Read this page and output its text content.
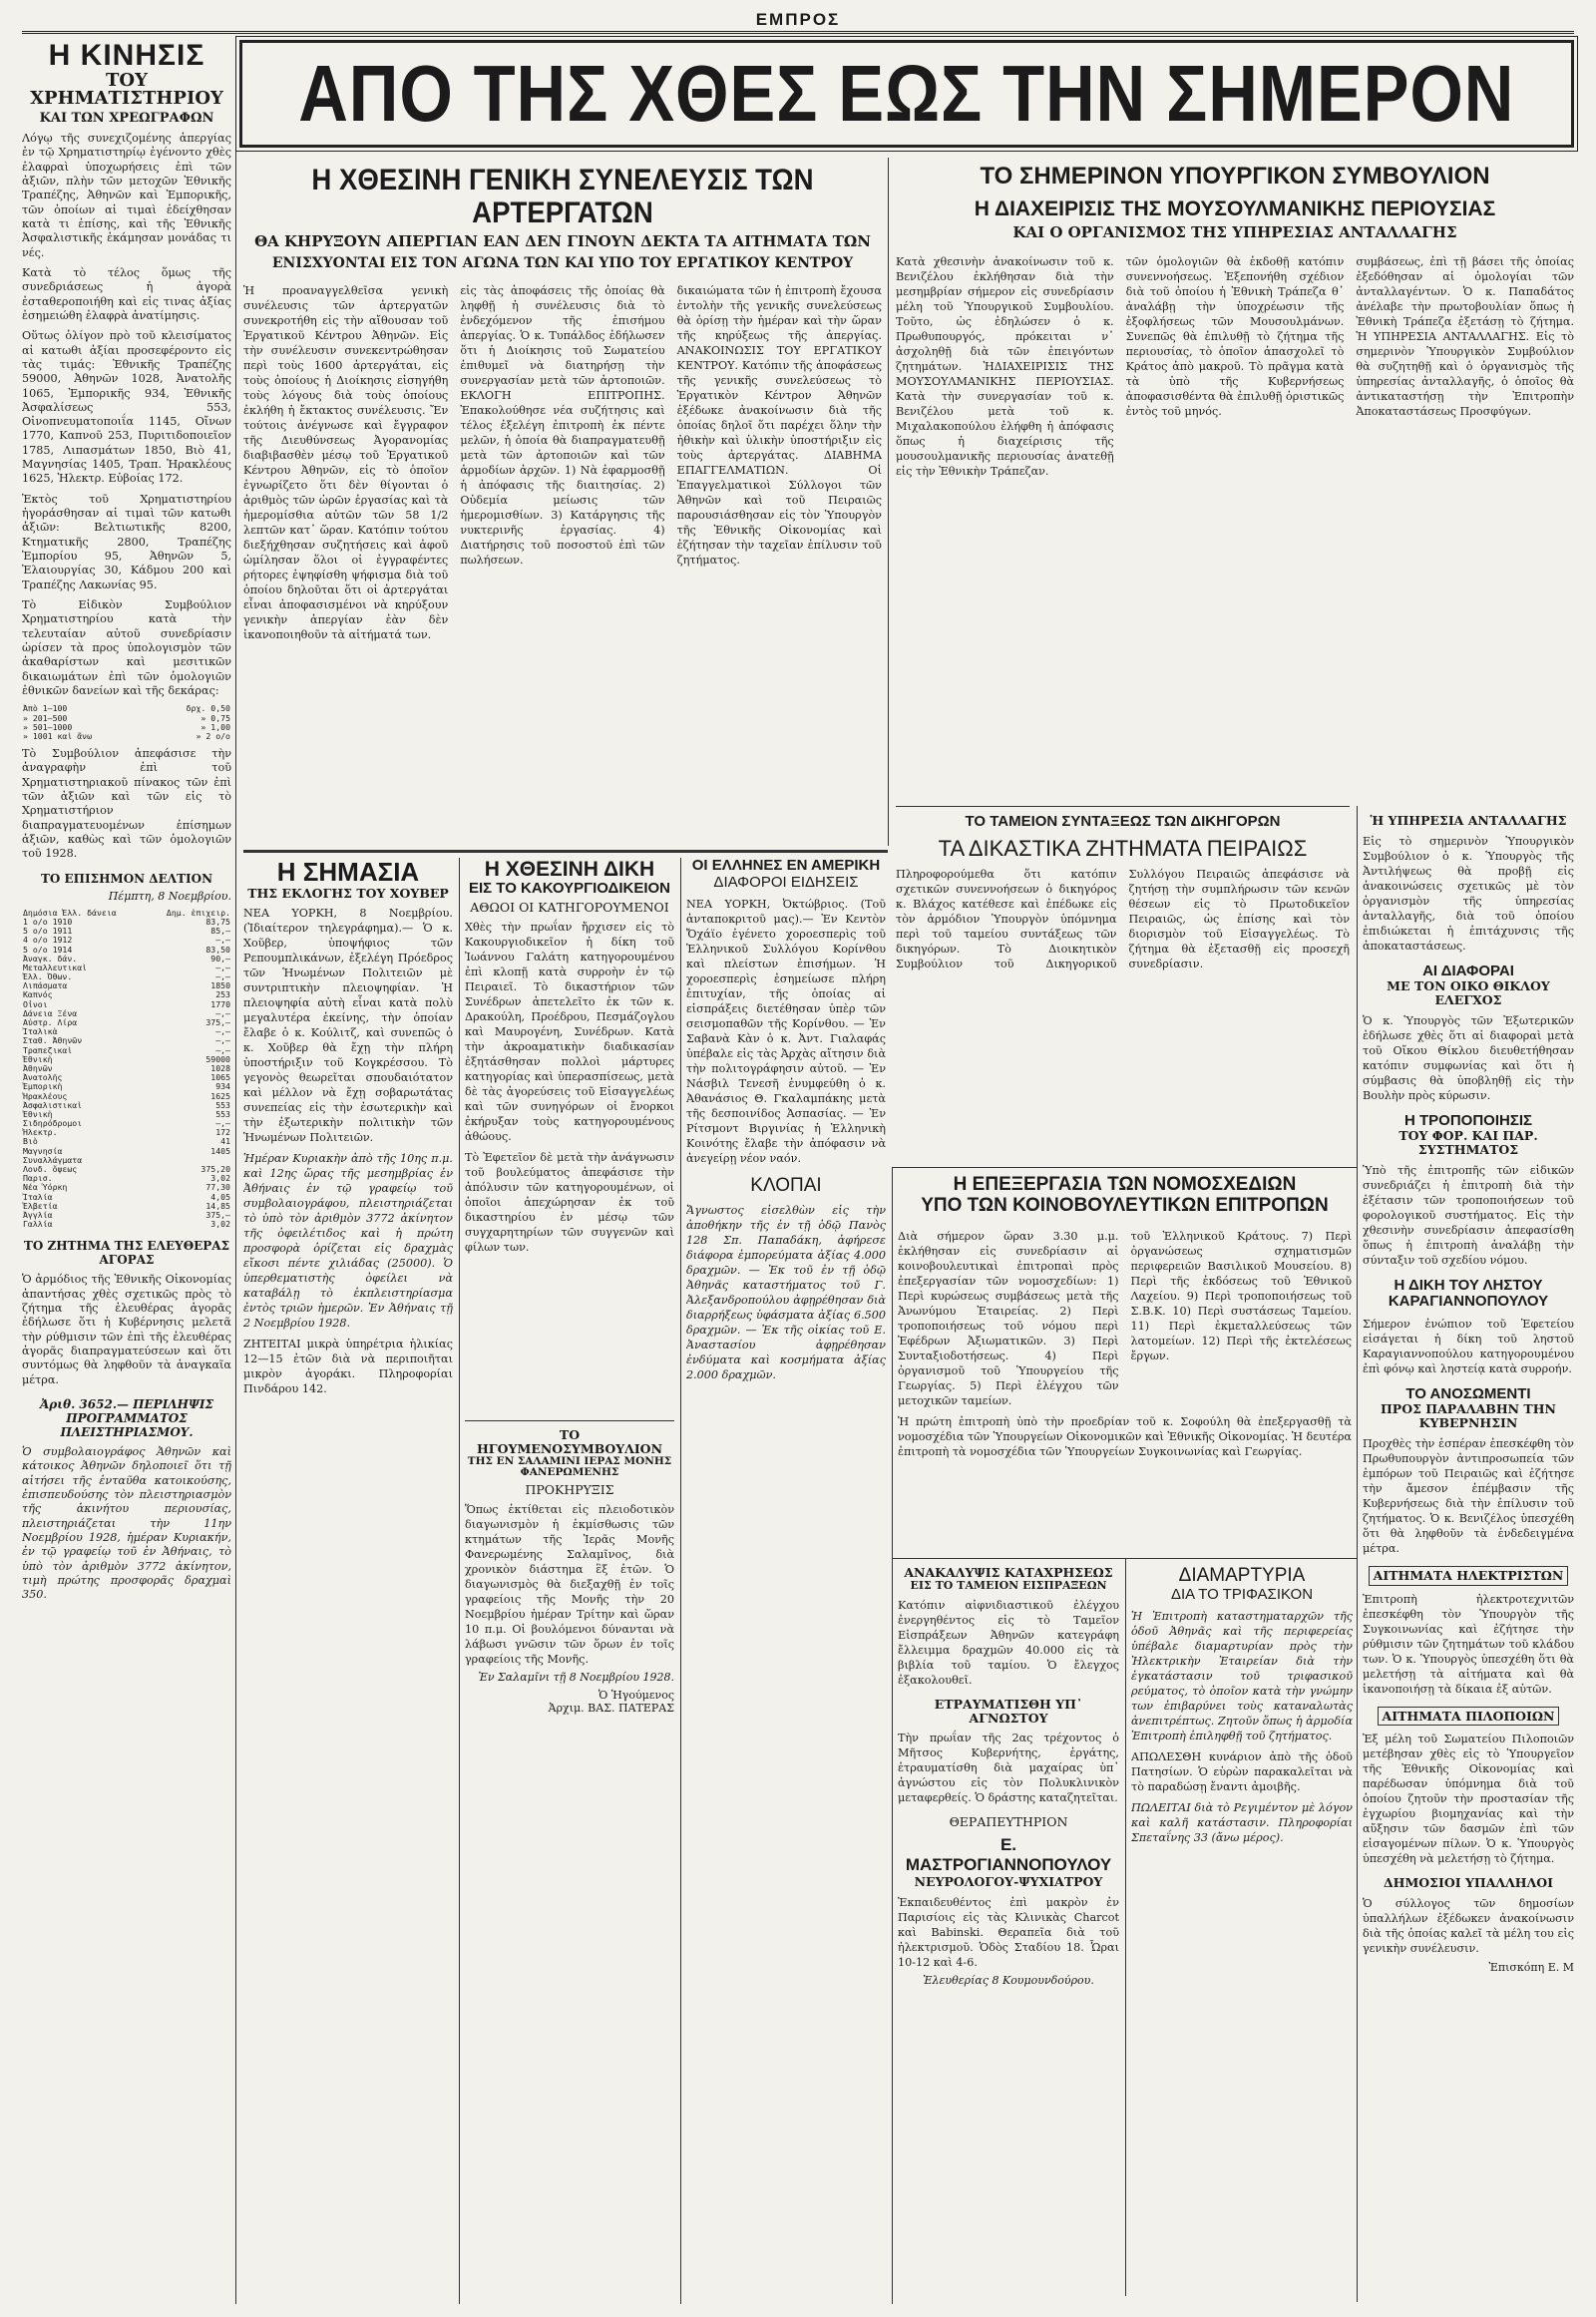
ΕΜΠΡΟΣ
Η ΚΙΝΗΣΙΣ
ΤΟΥ ΧΡΗΜΑΤΙΣΤΗΡΙΟΥ
ΚΑΙ ΤΩΝ ΧΡΕΩΓΡΑΦΩΝ

Λόγῳ τῆς συνεχιζομένης ἀπεργίας ἐν τῷ Χρηματιστηρίῳ ἐγένοντο χθὲς ἐλαφραὶ ὑποχωρήσεις ἐπὶ τῶν ἀξιῶν, πλὴν τῶν μετοχῶν Ἐθνικῆς Τραπέζης, Ἀθηνῶν καὶ Ἐμπορικῆς, τῶν ὁποίων αἱ τιμαὶ ἐδείχθησαν κατὰ τι ἐπίσης, καὶ τῆς Ἐθνικῆς Ἀσφαλιστικῆς ἐκάμησαν μονάδας τι νές.

Κατὰ τὸ τέλος ὅμως τῆς συνεδριάσεως ἡ ἀγορὰ ἐσταθεροποιήθη καὶ εἰς τινας ἀξίας ἐσημειώθη ἐλαφρὰ ἀνατίμησις.

Οὕτως ὀλίγον πρὸ τοῦ κλεισίματος αἱ κατωθι ἀξίαι προσεφέροντο εἰς τὰς τιμάς: Ἐθνικῆς Τραπέζης 59000, Ἀθηνῶν 1028, Ἀνατολῆς 1065, Ἐμπορικῆς 934, Ἐθνικῆς Ἀσφαλίσεως 553, Οἰνοπνευματοποιΐα 1145, Οἴνων 1770, Καπνοῦ 253, Πυριτιδοποιεῖον 1785, Λιπασμάτων 1850, Βιὸ 41, Μαγνησίας 1405, Τραπ. Ἡρακλέους 1625, Ἡλεκτρ. Εὐβοίας 172.

Ἐκτὸς τοῦ Χρηματιστηρίου ἠγοράσθησαν αἱ τιμαὶ τῶν κατωθι ἀξιῶν: Βελτιωτικῆς 8200, Κτηματικῆς 2800, Τραπέζης Ἐμπορίου 95, Ἀθηνῶν 5, Ἐλαιουργίας 30, Κάδμου 200 καὶ Τραπέζης Λακωνίας 95.

Τὸ Εἰδικὸν Συμβούλιον Χρηματιστηρίου κατὰ τὴν τελευταίαν αὐτοῦ συνεδρίασιν ὡρίσεν τὰ προς ὑπολογισμὸν τῶν ἀκαθαρίστων καὶ μεσιτικῶν δικαιωμάτων ἐπὶ τῶν ὁμολογιῶν ἐθνικῶν δανείων καὶ τῆς δεκάρας:

Ἀπὸ 1—100	δρχ. 0,50
» 201—500	» 0,75
» 501—1000	» 1,00
» 1001 καὶ ἄνω	» 2 ο/ο

Τὸ Συμβούλιον ἀπεφάσισε τὴν ἀναγραφὴν ἐπὶ τοῦ Χρηματιστηριακοῦ πίνακος τῶν ἐπὶ τῶν ἀξιῶν καὶ τῶν εἰς τὸ Χρηματιστήριον διαπραγματευομένων ἐπίσημων ἀξιῶν, καθὼς καὶ τῶν ὁμολογιῶν τοῦ 1928.

ΤΟ ΕΠΙΣΗΜΟΝ ΔΕΛΤΙΟΝ
Πέμπτη, 8 Νοεμβρίου.
Δημόσια Ἑλλ. δάνεια	Δημ. ἐπιχειρ.
1 ο/ο 1910	83,75
5 ο/ο 1911	85,—
4 ο/ο 1912	—,—
5 ο/ο 1914	83,50
Ἀναγκ. δάν.	90,—
Μεταλλευτικαὶ	—,—
Ἐλλ. Ὀθων.	—,—
Λιπάσματα	1850
Καπνός	253
Οἶνοι	1770
Δάνεια Ξένα	—,—
Αὐστρ. Λίρα	375,—
Ἰταλικὰ	—,—
Σταθ. Ἀθηνῶν	—,—
Τραπεζικαὶ	—,—
Ἐθνικὴ	59000
Ἀθηνῶν	1028
Ἀνατολῆς	1065
Ἐμπορικὴ	934
Ἡρακλέους	1625
Ἀσφαλιστικαὶ	553
Ἐθνικὴ	553
Σιδηρόδρομοι	—,—
Ἠλεκτρ.	172
Βιὸ	41
Μαγνησία	1405
Συναλλάγματα	
Λονδ. ὄψεως	375,20
Παρισ.	3,02
Νέα Ὑόρκη	77,30
Ἰταλία	4,05
Ἑλβετία	14,85
Ἀγγλία	375,—
Γαλλία	3,02
ΤΟ ΖΗΤΗΜΑ ΤΗΣ ΕΛΕΥΘΕΡΑΣ ΑΓΟΡΑΣ

Ὁ ἀρμόδιος τῆς Ἐθνικῆς Οἰκονομίας ἀπαντήσας χθὲς σχετικῶς πρὸς τὸ ζήτημα τῆς ἐλευθέρας ἀγορᾶς ἐδήλωσε ὅτι ἡ Κυβέρνησις μελετᾶ τὴν ρύθμισιν τῶν ἐπὶ τῆς ἐλευθέρας ἀγορᾶς διαπραγματεύσεων καὶ ὅτι συντόμως θὰ ληφθοῦν τὰ ἀναγκαῖα μέτρα.

Ἀριθ. 3652.— ΠΕΡΙΛΗΨΙΣ ΠΡΟΓΡΑΜΜΑΤΟΣ ΠΛΕΙΣΤΗΡΙΑΣΜΟΥ.

Ὁ συμβολαιογράφος Ἀθηνῶν καὶ κάτοικος Ἀθηνῶν δηλοποιεῖ ὅτι τῇ αἰτήσει τῆς ἐνταῦθα κατοικούσης, ἐπισπευδούσης τὸν πλειστηριασμὸν τῆς ἀκινήτου περιουσίας, πλειστηριάζεται τὴν 11ην Νοεμβρίου 1928, ἡμέραν Κυριακήν, ἐν τῷ γραφείῳ τοῦ ἐν Ἀθήναις, τὸ ὑπὸ τὸν ἀριθμὸν 3772 ἀκίνητον, τιμὴ πρώτης προσφορᾶς δραχμαὶ 350.

ΑΠΟ ΤΗΣ ΧΘΕΣ ΕΩΣ ΤΗΝ ΣΗΜΕΡΟΝ
Η ΧΘΕΣΙΝΗ ΓΕΝΙΚΗ ΣΥΝΕΛΕΥΣΙΣ ΤΩΝ ΑΡΤΕΡΓΑΤΩΝ
ΘΑ ΚΗΡΥΞΟΥΝ ΑΠΕΡΓΙΑΝ ΕΑΝ ΔΕΝ ΓΙΝΟΥΝ ΔΕΚΤΑ ΤΑ ΑΙΤΗΜΑΤΑ ΤΩΝ
ΕΝΙΣΧΥΟΝΤΑΙ ΕΙΣ ΤΟΝ ΑΓΩΝΑ ΤΩΝ ΚΑΙ ΥΠΟ ΤΟΥ ΕΡΓΑΤΙΚΟΥ ΚΕΝΤΡΟΥ
Ἡ προαναγγελθεῖσα γενικὴ συνέλευσις τῶν ἀρτεργατῶν συνεκροτήθη εἰς τὴν αἴθουσαν τοῦ Ἐργατικοῦ Κέντρου Ἀθηνῶν. Εἰς τὴν συνέλευσιν συνεκεντρώθησαν περὶ τοὺς 1600 ἀρτεργάται, εἰς τοὺς ὁποίους ἡ Διοίκησις εἰσηγήθη τοὺς λόγους διὰ τοὺς ὁποίους ἐκλήθη ἡ ἔκτακτος συνέλευσις. Ἔν τούτοις ἀνέγνωσε καὶ ἔγγραφον τῆς Διευθύνσεως Ἀγορανομίας διαβιβασθὲν μέσῳ τοῦ Ἐργατικοῦ Κέντρου Ἀθηνῶν, εἰς τὸ ὁποῖον ἐγνωρίζετο ὅτι δὲν θίγονται ὁ ἀριθμὸς τῶν ὡρῶν ἐργασίας καὶ τὰ ἡμερομίσθια αὐτῶν τῶν 58 1/2 λεπτῶν κατ᾽ ὥραν. Κατόπιν τούτου διεξήχθησαν συζητήσεις καὶ ἀφοῦ ὡμίλησαν ὅλοι οἱ ἐγγραφέντες ρήτορες ἐψηφίσθη ψήφισμα διὰ τοῦ ὁποίου δηλοῦται ὅτι οἱ ἀρτεργάται εἶναι ἀποφασισμένοι νὰ κηρύξουν γενικὴν ἀπεργίαν ἐὰν δὲν ἱκανοποιηθοῦν τὰ αἰτήματά των.
εἰς τὰς ἀποφάσεις τῆς ὁποίας θὰ ληφθῇ ἡ συνέλευσις διὰ τὸ ἐνδεχόμενον τῆς ἐπισήμου ἀπεργίας. Ὁ κ. Τυπάλδος ἐδήλωσεν ὅτι ἡ Διοίκησις τοῦ Σωματείου ἐπιθυμεῖ νὰ διατηρήσῃ τὴν συνεργασίαν μετὰ τῶν ἀρτοποιῶν. ΕΚΛΟΓΗ ΕΠΙΤΡΟΠΗΣ. Ἐπακολούθησε νέα συζήτησις καὶ τέλος ἐξελέγη ἐπιτροπὴ ἐκ πέντε μελῶν, ἡ ὁποία θὰ διαπραγματευθῇ μετὰ τῶν ἀρτοποιῶν καὶ τῶν ἁρμοδίων ἀρχῶν. 1) Νὰ ἐφαρμοσθῇ ἡ ἀπόφασις τῆς διαιτησίας. 2) Οὐδεμία μείωσις τῶν ἡμερομισθίων. 3) Κατάργησις τῆς νυκτερινῆς ἐργασίας. 4) Διατήρησις τοῦ ποσοστοῦ ἐπὶ τῶν πωλήσεων.
δικαιώματα τῶν ἡ ἐπιτροπὴ ἔχουσα ἐντολὴν τῆς γενικῆς συνελεύσεως θὰ ὁρίσῃ τὴν ἡμέραν καὶ τὴν ὥραν τῆς κηρύξεως τῆς ἀπεργίας. ΑΝΑΚΟΙΝΩΣΙΣ ΤΟΥ ΕΡΓΑΤΙΚΟΥ ΚΕΝΤΡΟΥ. Κατόπιν τῆς ἀποφάσεως τῆς γενικῆς συνελεύσεως τὸ Ἐργατικὸν Κέντρον Ἀθηνῶν ἐξέδωκε ἀνακοίνωσιν διὰ τῆς ὁποίας δηλοῖ ὅτι παρέχει ὅλην τὴν ἠθικὴν καὶ ὑλικὴν ὑποστήριξιν εἰς τοὺς ἀρτεργάτας. ΔΙΑΒΗΜΑ ΕΠΑΓΓΕΛΜΑΤΙΩΝ. Οἱ Ἐπαγγελματικοὶ Σύλλογοι τῶν Ἀθηνῶν καὶ τοῦ Πειραιῶς παρουσιάσθησαν εἰς τὸν Ὑπουργὸν τῆς Ἐθνικῆς Οἰκονομίας καὶ ἐζήτησαν τὴν ταχεῖαν ἐπίλυσιν τοῦ ζητήματος.
ΤΟ ΣΗΜΕΡΙΝΟΝ ΥΠΟΥΡΓΙΚΟΝ ΣΥΜΒΟΥΛΙΟΝ
Η ΔΙΑΧΕΙΡΙΣΙΣ ΤΗΣ ΜΟΥΣΟΥΛΜΑΝΙΚΗΣ ΠΕΡΙΟΥΣΙΑΣ
ΚΑΙ Ο ΟΡΓΑΝΙΣΜΟΣ ΤΗΣ ΥΠΗΡΕΣΙΑΣ ΑΝΤΑΛΛΑΓΗΣ
Κατὰ χθεσινὴν ἀνακοίνωσιν τοῦ κ. Βενιζέλου ἐκλήθησαν διὰ τὴν μεσημβρίαν σήμερον εἰς συνεδρίασιν μέλη τοῦ Ὑπουργικοῦ Συμβουλίου. Τοῦτο, ὡς ἐδηλώσεν ὁ κ. Πρωθυπουργός, πρόκειται ν᾽ ἀσχοληθῇ διὰ τῶν ἐπειγόντων ζητημάτων. ἩΔΙΑΧΕΙΡΙΣΙΣ ΤΗΣ ΜΟΥΣΟΥΛΜΑΝΙΚΗΣ ΠΕΡΙΟΥΣΙΑΣ. Κατὰ τὴν συνεργασίαν τοῦ κ. Βενιζέλου μετὰ τοῦ κ. Μιχαλακοπούλου ἐλήφθη ἡ ἀπόφασις ὅπως ἡ διαχείρισις τῆς μουσουλμανικῆς περιουσίας ἀνατεθῇ εἰς τὴν Ἐθνικὴν Τράπεζαν.
τῶν ὁμολογιῶν θὰ ἐκδοθῇ κατόπιν συνεννοήσεως. Ἐξεπονήθη σχέδιον διὰ τοῦ ὁποίου ἡ Ἐθνικὴ Τράπεζα θ᾽ ἀναλάβῃ τὴν ὑποχρέωσιν τῆς ἐξοφλήσεως τῶν Μουσουλμάνων. Συνεπῶς θὰ ἐπιλυθῇ τὸ ζήτημα τῆς περιουσίας, τὸ ὁποῖον ἀπασχολεῖ τὸ Κράτος ἀπὸ μακροῦ. Τὸ πρᾶγμα κατὰ τὰ ὑπὸ τῆς Κυβερνήσεως ἀποφασισθέντα θὰ ἐπιλυθῇ ὁριστικῶς ἐντὸς τοῦ μηνός.
συμβάσεως, ἐπὶ τῇ βάσει τῆς ὁποίας ἐξεδόθησαν αἱ ὁμολογίαι τῶν ἀνταλλαγέντων. Ὁ κ. Παπαδάτος ἀνέλαβε τὴν πρωτοβουλίαν ὅπως ἡ Ἐθνικὴ Τράπεζα ἐξετάσῃ τὸ ζήτημα. Ἡ ΥΠΗΡΕΣΙΑ ΑΝΤΑΛΛΑΓΗΣ. Εἰς τὸ σημερινὸν Ὑπουργικὸν Συμβούλιον θὰ συζητηθῇ καὶ ὁ ὀργανισμὸς τῆς ὑπηρεσίας ἀνταλλαγῆς, ὁ ὁποῖος θὰ ἀντικαταστήσῃ τὴν Ἐπιτροπὴν Ἀποκαταστάσεως Προσφύγων.
ΤΟ ΤΑΜΕΙΟΝ ΣΥΝΤΑΞΕΩΣ ΤΩΝ ΔΙΚΗΓΟΡΩΝ
ΤΑ ΔΙΚΑΣΤΙΚΑ ΖΗΤΗΜΑΤΑ ΠΕΙΡΑΙΩΣ
Πληροφορούμεθα ὅτι κατόπιν σχετικῶν συνεννοήσεων ὁ δικηγόρος κ. Βλάχος κατέθεσε καὶ ἐπέδωκε εἰς τὸν ἁρμόδιον Ὑπουργὸν ὑπόμνημα περὶ τοῦ ταμείου συντάξεως τῶν δικηγόρων. Τὸ Διοικητικὸν Συμβούλιον τοῦ Δικηγορικοῦ Συλλόγου Πειραιῶς ἀπεφάσισε νὰ ζητήσῃ τὴν συμπλήρωσιν τῶν κενῶν θέσεων εἰς τὸ Πρωτοδικεῖον Πειραιῶς, ὡς ἐπίσης καὶ τὸν διορισμὸν τοῦ Εἰσαγγελέως. Τὸ ζήτημα θὰ ἐξετασθῇ εἰς προσεχῆ συνεδρίασιν.
Ἡ ΥΠΗΡΕΣΙΑ ΑΝΤΑΛΛΑΓΗΣ

Εἰς τὸ σημερινὸν Ὑπουργικὸν Συμβούλιον ὁ κ. Ὑπουργὸς τῆς Ἀντιλήψεως θὰ προβῇ εἰς ἀνακοινώσεις σχετικῶς μὲ τὸν ὀργανισμὸν τῆς ὑπηρεσίας ἀνταλλαγῆς, διὰ τοῦ ὁποίου ἐπιδιώκεται ἡ ἐπιτάχυνσις τῆς ἀποκαταστάσεως.

ΑΙ ΔΙΑΦΟΡΑΙ
ΜΕ ΤΟΝ ΟΙΚΟ ΘΙΚΛΟΥ ΕΛΕΓΧΟΣ

Ὁ κ. Ὑπουργὸς τῶν Ἐξωτερικῶν ἐδήλωσε χθὲς ὅτι αἱ διαφοραὶ μετὰ τοῦ Οἴκου Θίκλου διευθετήθησαν κατόπιν συμφωνίας καὶ ὅτι ἡ σύμβασις θὰ ὑποβληθῇ εἰς τὴν Βουλὴν πρὸς κύρωσιν.

Η ΤΡΟΠΟΠΟΙΗΣΙΣ
ΤΟΥ ΦΟΡ. ΚΑΙ ΠΑΡ. ΣΥΣΤΗΜΑΤΟΣ

Ὑπὸ τῆς ἐπιτροπῆς τῶν εἰδικῶν συνεδριάζει ἡ ἐπιτροπὴ διὰ τὴν ἐξέτασιν τῶν τροποποιήσεων τοῦ φορολογικοῦ συστήματος. Εἰς τὴν χθεσινὴν συνεδρίασιν ἀπεφασίσθη ὅπως ἡ ἐπιτροπὴ ἀναλάβῃ τὴν σύνταξιν τοῦ σχεδίου νόμου.

Η ΔΙΚΗ ΤΟΥ ΛΗΣΤΟΥ
ΚΑΡΑΓΙΑΝΝΟΠΟΥΛΟΥ

Σήμερον ἐνώπιον τοῦ Ἐφετείου εἰσάγεται ἡ δίκη τοῦ ληστοῦ Καραγιαννοπούλου κατηγορουμένου ἐπὶ φόνῳ καὶ ληστείᾳ κατὰ συρροήν.

ΤΟ ΑΝΟΣΩΜΕΝΤΙ
ΠΡΟΣ ΠΑΡΑΛΑΒΗΝ ΤΗΝ ΚΥΒΕΡΝΗΣΙΝ

Προχθὲς τὴν ἑσπέραν ἐπεσκέφθη τὸν Πρωθυπουργὸν ἀντιπροσωπεία τῶν ἐμπόρων τοῦ Πειραιῶς καὶ ἐζήτησε τὴν ἄμεσον ἐπέμβασιν τῆς Κυβερνήσεως διὰ τὴν ἐπίλυσιν τοῦ ζητήματος. Ὁ κ. Βενιζέλος ὑπεσχέθη ὅτι θὰ ληφθοῦν τὰ ἐνδεδειγμένα μέτρα.

ΑΙΤΗΜΑΤΑ ΗΛΕΚΤΡΙΣΤΩΝ

Ἐπιτροπὴ ἠλεκτροτεχνιτῶν ἐπεσκέφθη τὸν Ὑπουργὸν τῆς Συγκοινωνίας καὶ ἐζήτησε τὴν ρύθμισιν τῶν ζητημάτων τοῦ κλάδου των. Ὁ κ. Ὑπουργὸς ὑπεσχέθη ὅτι θὰ μελετήσῃ τὰ αἰτήματα καὶ θὰ ἱκανοποιήσῃ τὰ δίκαια ἐξ αὐτῶν.

ΑΙΤΗΜΑΤΑ ΠΙΛΟΠΟΙΩΝ

Ἐξ μέλη τοῦ Σωματείου Πιλοποιῶν μετέβησαν χθὲς εἰς τὸ Ὑπουργεῖον τῆς Ἐθνικῆς Οἰκονομίας καὶ παρέδωσαν ὑπόμνημα διὰ τοῦ ὁποίου ζητοῦν τὴν προστασίαν τῆς ἐγχωρίου βιομηχανίας καὶ τὴν αὔξησιν τῶν δασμῶν ἐπὶ τῶν εἰσαγομένων πίλων. Ὁ κ. Ὑπουργὸς ὑπεσχέθη νὰ μελετήσῃ τὸ ζήτημα.

ΔΗΜΟΣΙΟΙ ΥΠΑΛΛΗΛΟΙ

Ὁ σύλλογος τῶν δημοσίων ὑπαλλήλων ἐξέδωκεν ἀνακοίνωσιν διὰ τῆς ὁποίας καλεῖ τὰ μέλη του εἰς γενικὴν συνέλευσιν.

Ἐπισκόπη Ε. Μ
Η ΣΗΜΑΣΙΑ
ΤΗΣ ΕΚΛΟΓΗΣ ΤΟΥ ΧΟΥΒΕΡ

ΝΕΑ ΥΟΡΚΗ, 8 Νοεμβρίου. (Ἰδιαίτερον τηλεγράφημα).— Ὁ κ. Χοῦβερ, ὑποψήφιος τῶν Ρεπουμπλικάνων, ἐξελέγη Πρόεδρος τῶν Ἡνωμένων Πολιτειῶν μὲ συντριπτικὴν πλειοψηφίαν. Ἡ πλειοψηφία αὐτὴ εἶναι κατὰ πολὺ μεγαλυτέρα ἐκείνης, τὴν ὁποίαν ἔλαβε ὁ κ. Κούλιτζ, καὶ συνεπῶς ὁ κ. Χοῦβερ θὰ ἔχῃ τὴν πλήρη ὑποστήριξιν τοῦ Κογκρέσσου. Τὸ γεγονὸς θεωρεῖται σπουδαιότατον καὶ μέλλον νὰ ἔχῃ σοβαρωτάτας συνεπείας εἰς τὴν ἐσωτερικὴν καὶ τὴν ἐξωτερικὴν πολιτικὴν τῶν Ἡνωμένων Πολιτειῶν.

Ἡμέραν Κυριακὴν ἀπὸ τῆς 10ης π.μ. καὶ 12ης ὥρας τῆς μεσημβρίας ἐν Ἀθήναις ἐν τῷ γραφείῳ τοῦ συμβολαιογράφου, πλειστηριάζεται τὸ ὑπὸ τὸν ἀριθμὸν 3772 ἀκίνητον τῆς ὀφειλέτιδος καὶ ἡ πρώτη προσφορὰ ὁρίζεται εἰς δραχμὰς εἴκοσι πέντε χιλιάδας (25000). Ὁ ὑπερθεματιστὴς ὀφείλει νὰ καταβάλῃ τὸ ἐκπλειστηρίασμα ἐντὸς τριῶν ἡμερῶν. Ἐν Ἀθήναις τῇ 2 Νοεμβρίου 1928.

ΖΗΤΕΙΤΑΙ μικρὰ ὑπηρέτρια ἡλικίας 12—15 ἐτῶν διὰ νὰ περιποιῆται μικρὸν ἀγοράκι. Πληροφορίαι Πινδάρου 142.

Η ΧΘΕΣΙΝΗ ΔΙΚΗ
ΕΙΣ ΤΟ ΚΑΚΟΥΡΓΙΟΔΙΚΕΙΟΝ
ΑΘΩΟΙ ΟΙ ΚΑΤΗΓΟΡΟΥΜΕΝΟΙ

Χθὲς τὴν πρωΐαν ἤρχισεν εἰς τὸ Κακουργιοδικεῖον ἡ δίκη τοῦ Ἰωάννου Γαλάτη κατηγορουμένου ἐπὶ κλοπῇ κατὰ συρροὴν ἐν τῷ Πειραιεῖ. Τὸ δικαστήριον τῶν Συνέδρων ἀπετελεῖτο ἐκ τῶν κ. Δρακούλη, Προέδρου, Πεσμάζογλου καὶ Μαυρογένη, Συνέδρων. Κατὰ τὴν ἀκροαματικὴν διαδικασίαν ἐξητάσθησαν πολλοὶ μάρτυρες κατηγορίας καὶ ὑπερασπίσεως, μετὰ δὲ τὰς ἀγορεύσεις τοῦ Εἰσαγγελέως καὶ τῶν συνηγόρων οἱ ἔνορκοι ἐκήρυξαν τοὺς κατηγορουμένους ἀθώους.

Τὸ Ἐφετεῖον δὲ μετὰ τὴν ἀνάγνωσιν τοῦ βουλεύματος ἀπεφάσισε τὴν ἀπόλυσιν τῶν κατηγορουμένων, οἱ ὁποῖοι ἀπεχώρησαν ἐκ τοῦ δικαστηρίου ἐν μέσῳ τῶν συγχαρητηρίων τῶν συγγενῶν καὶ φίλων των.

ΤΟ ΗΓΟΥΜΕΝΟΣΥΜΒΟΥΛΙΟΝ
ΤΗΣ ΕΝ ΣΑΛΑΜΙΝΙ ΙΕΡΑΣ ΜΟΝΗΣ ΦΑΝΕΡΩΜΕΝΗΣ
ΠΡΟΚΗΡΥΞΙΣ

Ὅπως ἐκτίθεται εἰς πλειοδοτικὸν διαγωνισμὸν ἡ ἐκμίσθωσις τῶν κτημάτων τῆς Ἱερᾶς Μονῆς Φανερωμένης Σαλαμῖνος, διὰ χρονικὸν διάστημα ἓξ ἐτῶν. Ὁ διαγωνισμὸς θὰ διεξαχθῇ ἐν τοῖς γραφείοις τῆς Μονῆς τὴν 20 Νοεμβρίου ἡμέραν Τρίτην καὶ ὥραν 10 π.μ. Οἱ βουλόμενοι δύνανται νὰ λάβωσι γνῶσιν τῶν ὅρων ἐν τοῖς γραφείοις τῆς Μονῆς.

Ἐν Σαλαμῖνι τῇ 8 Νοεμβρίου 1928.
Ὁ Ἡγούμενος
Ἀρχιμ. ΒΑΣ. ΠΑΤΕΡΑΣ
ΟΙ ΕΛΛΗΝΕΣ ΕΝ ΑΜΕΡΙΚΗ
ΔΙΑΦΟΡΟΙ ΕΙΔΗΣΕΙΣ

ΝΕΑ ΥΟΡΚΗ, Ὀκτώβριος. (Τοῦ ἀνταποκριτοῦ μας).— Ἐν Κεντὸν Ὄχάϊο ἐγένετο χοροεσπερὶς τοῦ Ἑλληνικοῦ Συλλόγου Κορίνθου καὶ πλείστων ἐπισήμων. Ἡ χοροεσπερὶς ἐσημείωσε πλήρη ἐπιτυχίαν, τῆς ὁποίας αἱ εἰσπράξεις διετέθησαν ὑπὲρ τῶν σεισμοπαθῶν τῆς Κορίνθου. — Ἐν Σαβανὰ Κὰν ὁ κ. Ἀντ. Γιαλαφάς ὑπέβαλε εἰς τὰς Ἀρχὰς αἴτησιν διὰ τὴν πολιτογράφησιν αὐτοῦ. — Ἐν Νάσβιλ Τενεσῆ ἐνυμφεύθη ὁ κ. Ἀθανάσιος Θ. Γκαλαμπάκης μετὰ τῆς δεσποινίδος Ἀσπασίας. — Ἐν Ρίτσμοντ Βιργινίας ἡ Ἑλληνικὴ Κοινότης ἔλαβε τὴν ἀπόφασιν νὰ ἀνεγείρῃ νέον ναόν.

ΚΛΟΠΑΙ

Ἄγνωστος εἰσελθὼν εἰς τὴν ἀποθήκην τῆς ἐν τῇ ὁδῷ Πανὸς 128 Σπ. Παπαδάκη, ἀφήρεσε διάφορα ἐμπορεύματα ἀξίας 4.000 δραχμῶν. — Ἐκ τοῦ ἐν τῇ ὁδῷ Ἀθηνᾶς καταστήματος τοῦ Γ. Ἀλεξανδροπούλου ἀφῃρέθησαν διὰ διαρρήξεως ὑφάσματα ἀξίας 6.500 δραχμῶν. — Ἐκ τῆς οἰκίας τοῦ Ε. Ἀναστασίου ἀφῃρέθησαν ἐνδύματα καὶ κοσμήματα ἀξίας 2.000 δραχμῶν.

Η ΕΠΕΞΕΡΓΑΣΙΑ ΤΩΝ ΝΟΜΟΣΧΕΔΙΩΝ
ΥΠΟ ΤΩΝ ΚΟΙΝΟΒΟΥΛΕΥΤΙΚΩΝ ΕΠΙΤΡΟΠΩΝ
Διὰ σήμερον ὥραν 3.30 μ.μ. ἐκλήθησαν εἰς συνεδρίασιν αἱ κοινοβουλευτικαὶ ἐπιτροπαὶ πρὸς ἐπεξεργασίαν τῶν νομοσχεδίων: 1) Περὶ κυρώσεως συμβάσεως μετὰ τῆς Ἀνωνύμου Ἑταιρείας. 2) Περὶ τροποποιήσεως τοῦ νόμου περὶ Ἐφέδρων Ἀξιωματικῶν. 3) Περὶ Συνταξιοδοτήσεως. 4) Περὶ ὀργανισμοῦ τοῦ Ὑπουργείου τῆς Γεωργίας. 5) Περὶ ἐλέγχου τῶν μετοχικῶν ταμείων.
τοῦ Ἑλληνικοῦ Κράτους. 7) Περὶ ὀργανώσεως σχηματισμῶν περιφερειῶν Βασιλικοῦ Μουσείου. 8) Περὶ τῆς ἐκδόσεως τοῦ Ἐθνικοῦ Λαχείου. 9) Περὶ τροποποιήσεως τοῦ Σ.Β.Κ. 10) Περὶ συστάσεως Ταμείου. 11) Περὶ ἐκμεταλλεύσεως τῶν λατομείων. 12) Περὶ τῆς ἐκτελέσεως ἔργων.

Ἡ πρώτη ἐπιτροπὴ ὑπὸ τὴν προεδρίαν τοῦ κ. Σοφούλη θὰ ἐπεξεργασθῇ τὰ νομοσχέδια τῶν Ὑπουργείων Οἰκονομικῶν καὶ Ἐθνικῆς Οἰκονομίας. Ἡ δευτέρα ἐπιτροπὴ τὰ νομοσχέδια τῶν Ὑπουργείων Συγκοινωνίας καὶ Γεωργίας.

ΑΝΑΚΑΛΥΨΙΣ ΚΑΤΑΧΡΗΣΕΩΣ
ΕΙΣ ΤΟ ΤΑΜΕΙΟΝ ΕΙΣΠΡΑΞΕΩΝ

Κατόπιν αἰφνιδιαστικοῦ ἐλέγχου ἐνεργηθέντος εἰς τὸ Ταμεῖον Εἰσπράξεων Ἀθηνῶν κατεγράφη ἔλλειμμα δραχμῶν 40.000 εἰς τὰ βιβλία τοῦ ταμίου. Ὁ ἔλεγχος ἐξακολουθεῖ.

ΕΤΡΑΥΜΑΤΙΣΘΗ ΥΠ᾽ ΑΓΝΩΣΤΟΥ

Τὴν πρωΐαν τῆς 2ας τρέχοντος ὁ Μῆτσος Κυβερνήτης, ἐργάτης, ἐτραυματίσθη διὰ μαχαίρας ὑπ᾽ ἀγνώστου εἰς τὸν Πολυκλινικὸν μεταφερθείς. Ὁ δράστης καταζητεῖται.

ΘΕΡΑΠΕΥΤΗΡΙΟΝ
Ε. ΜΑΣΤΡΟΓΙΑΝΝΟΠΟΥΛΟΥ
ΝΕΥΡΟΛΟΓΟΥ-ΨΥΧΙΑΤΡΟΥ

Ἐκπαιδευθέντος ἐπὶ μακρὸν ἐν Παρισίοις εἰς τὰς Κλινικὰς Charcot καὶ Babinski. Θεραπεῖα διὰ τοῦ ἠλεκτρισμοῦ. Ὁδὸς Σταδίου 18. Ὧραι 10-12 καὶ 4-6.

Ἐλευθερίας 8 Κουμουνδούρου.
ΔΙΑΜΑΡΤΥΡΙΑ
ΔΙΑ ΤΟ ΤΡΙΦΑΣΙΚΟΝ

Ἡ Ἐπιτροπὴ καταστηματαρχῶν τῆς ὁδοῦ Ἀθηνᾶς καὶ τῆς περιφερείας ὑπέβαλε διαμαρτυρίαν πρὸς τὴν Ἠλεκτρικὴν Ἑταιρείαν διὰ τὴν ἐγκατάστασιν τοῦ τριφασικοῦ ρεύματος, τὸ ὁποῖον κατὰ τὴν γνώμην των ἐπιβαρύνει τοὺς καταναλωτὰς ἀνεπιτρέπτως. Ζητοῦν ὅπως ἡ ἀρμοδία Ἐπιτροπὴ ἐπιληφθῇ τοῦ ζητήματος.

ΑΠΩΛΕΣΘΗ κυνάριον ἀπὸ τῆς ὁδοῦ Πατησίων. Ὁ εὑρὼν παρακαλεῖται νὰ τὸ παραδώσῃ ἔναντι ἀμοιβῆς.

ΠΩΛΕΙΤΑΙ διὰ τὸ Ρεγιμέντον μὲ λόγον καὶ καλῆ κατάστασιν. Πληροφορίαι Σπεταΐνης 33 (ἄνω μέρος).
